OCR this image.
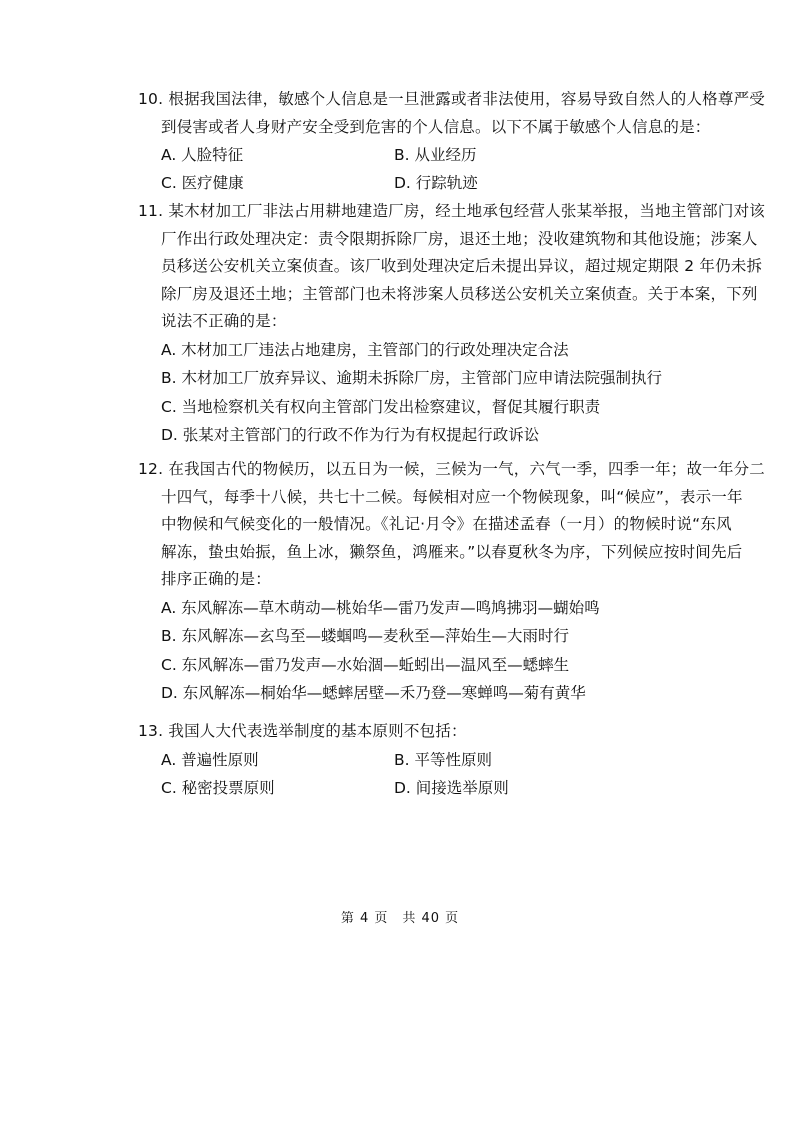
10. 根据我国法律，敏感个人信息是一旦泄露或者非法使用，容易导致自然人的人格尊严受
到侵害或者人身财产安全受到危害的个人信息。以下不属于敏感个人信息的是：
A. 人脸特征	B. 从业经历
C. 医疗健康	D. 行踪轨迹
11. 某木材加工厂非法占用耕地建造厂房，经土地承包经营人张某举报，当地主管部门对该
厂作出行政处理决定：责令限期拆除厂房，退还土地；没收建筑物和其他设施；涉案人
员移送公安机关立案侦查。该厂收到处理决定后未提出异议，超过规定期限 2 年仍未拆
除厂房及退还土地；主管部门也未将涉案人员移送公安机关立案侦查。关于本案，下列
说法不正确的是：
A. 木材加工厂违法占地建房，主管部门的行政处理决定合法
B. 木材加工厂放弃异议、逾期未拆除厂房，主管部门应申请法院强制执行
C. 当地检察机关有权向主管部门发出检察建议，督促其履行职责
D. 张某对主管部门的行政不作为行为有权提起行政诉讼
12. 在我国古代的物候历，以五日为一候，三候为一气，六气一季，四季一年；故一年分二
十四气，每季十八候，共七十二候。每候相对应一个物候现象，叫“候应”，表示一年
中物候和气候变化的一般情况。《礼记·月令》在描述孟春（一月）的物候时说“东风
解冻，蛰虫始振，鱼上冰，獭祭鱼，鸿雁来。”以春夏秋冬为序，下列候应按时间先后
排序正确的是：
A. 东风解冻—草木萌动—桃始华—雷乃发声—鸣鸠拂羽—蝴始鸣
B. 东风解冻—玄鸟至—蝼蝈鸣—麦秋至—萍始生—大雨时行
C. 东风解冻—雷乃发声—水始涸—蚯蚓出—温风至—蟋蟀生
D. 东风解冻—桐始华—蟋蟀居壁—禾乃登—寒蝉鸣—菊有黄华
13. 我国人大代表选举制度的基本原则不包括：
A. 普遍性原则	B. 平等性原则
C. 秘密投票原则	D. 间接选举原则
第 4 页　共 40 页
